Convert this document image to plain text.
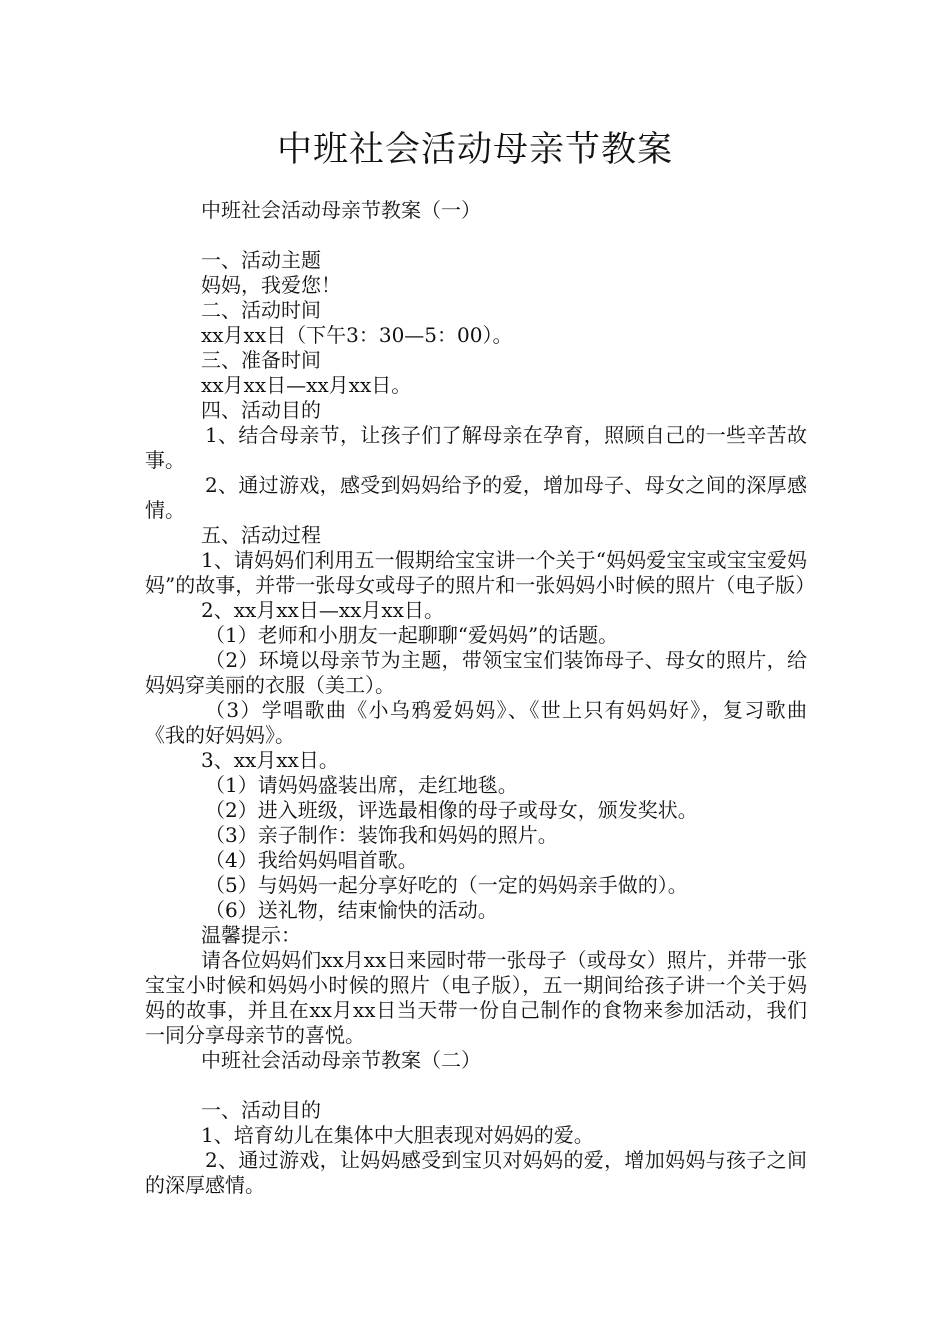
中班社会活动母亲节教案

中班社会活动母亲节教案（一）

一、活动主题

妈妈，我爱您！

二、活动时间

xx月xx日（下午3：30—5：00）。

三、准备时间

xx月xx日—xx月xx日。

四、活动目的

1、结合母亲节，让孩子们了解母亲在孕育，照顾自己的一些辛苦故事。

2、通过游戏，感受到妈妈给予的爱，增加母子、母女之间的深厚感情。

五、活动过程

1、请妈妈们利用五一假期给宝宝讲一个关于“妈妈爱宝宝或宝宝爱妈妈”的故事，并带一张母女或母子的照片和一张妈妈小时候的照片（电子版）

2、xx月xx日—xx月xx日。

（1）老师和小朋友一起聊聊“爱妈妈”的话题。

（2）环境以母亲节为主题，带领宝宝们装饰母子、母女的照片，给妈妈穿美丽的衣服（美工）。

（3）学唱歌曲《小乌鸦爱妈妈》、《世上只有妈妈好》，复习歌曲《我的好妈妈》。

3、xx月xx日。

（1）请妈妈盛装出席，走红地毯。

（2）进入班级，评选最相像的母子或母女，颁发奖状。

（3）亲子制作：装饰我和妈妈的照片。

（4）我给妈妈唱首歌。

（5）与妈妈一起分享好吃的（一定的妈妈亲手做的）。

（6）送礼物，结束愉快的活动。

温馨提示：

请各位妈妈们xx月xx日来园时带一张母子（或母女）照片，并带一张宝宝小时候和妈妈小时候的照片（电子版），五一期间给孩子讲一个关于妈妈的故事，并且在xx月xx日当天带一份自己制作的食物来参加活动，我们一同分享母亲节的喜悦。

中班社会活动母亲节教案（二）

一、活动目的

1、培育幼儿在集体中大胆表现对妈妈的爱。

2、通过游戏，让妈妈感受到宝贝对妈妈的爱，增加妈妈与孩子之间的深厚感情。
